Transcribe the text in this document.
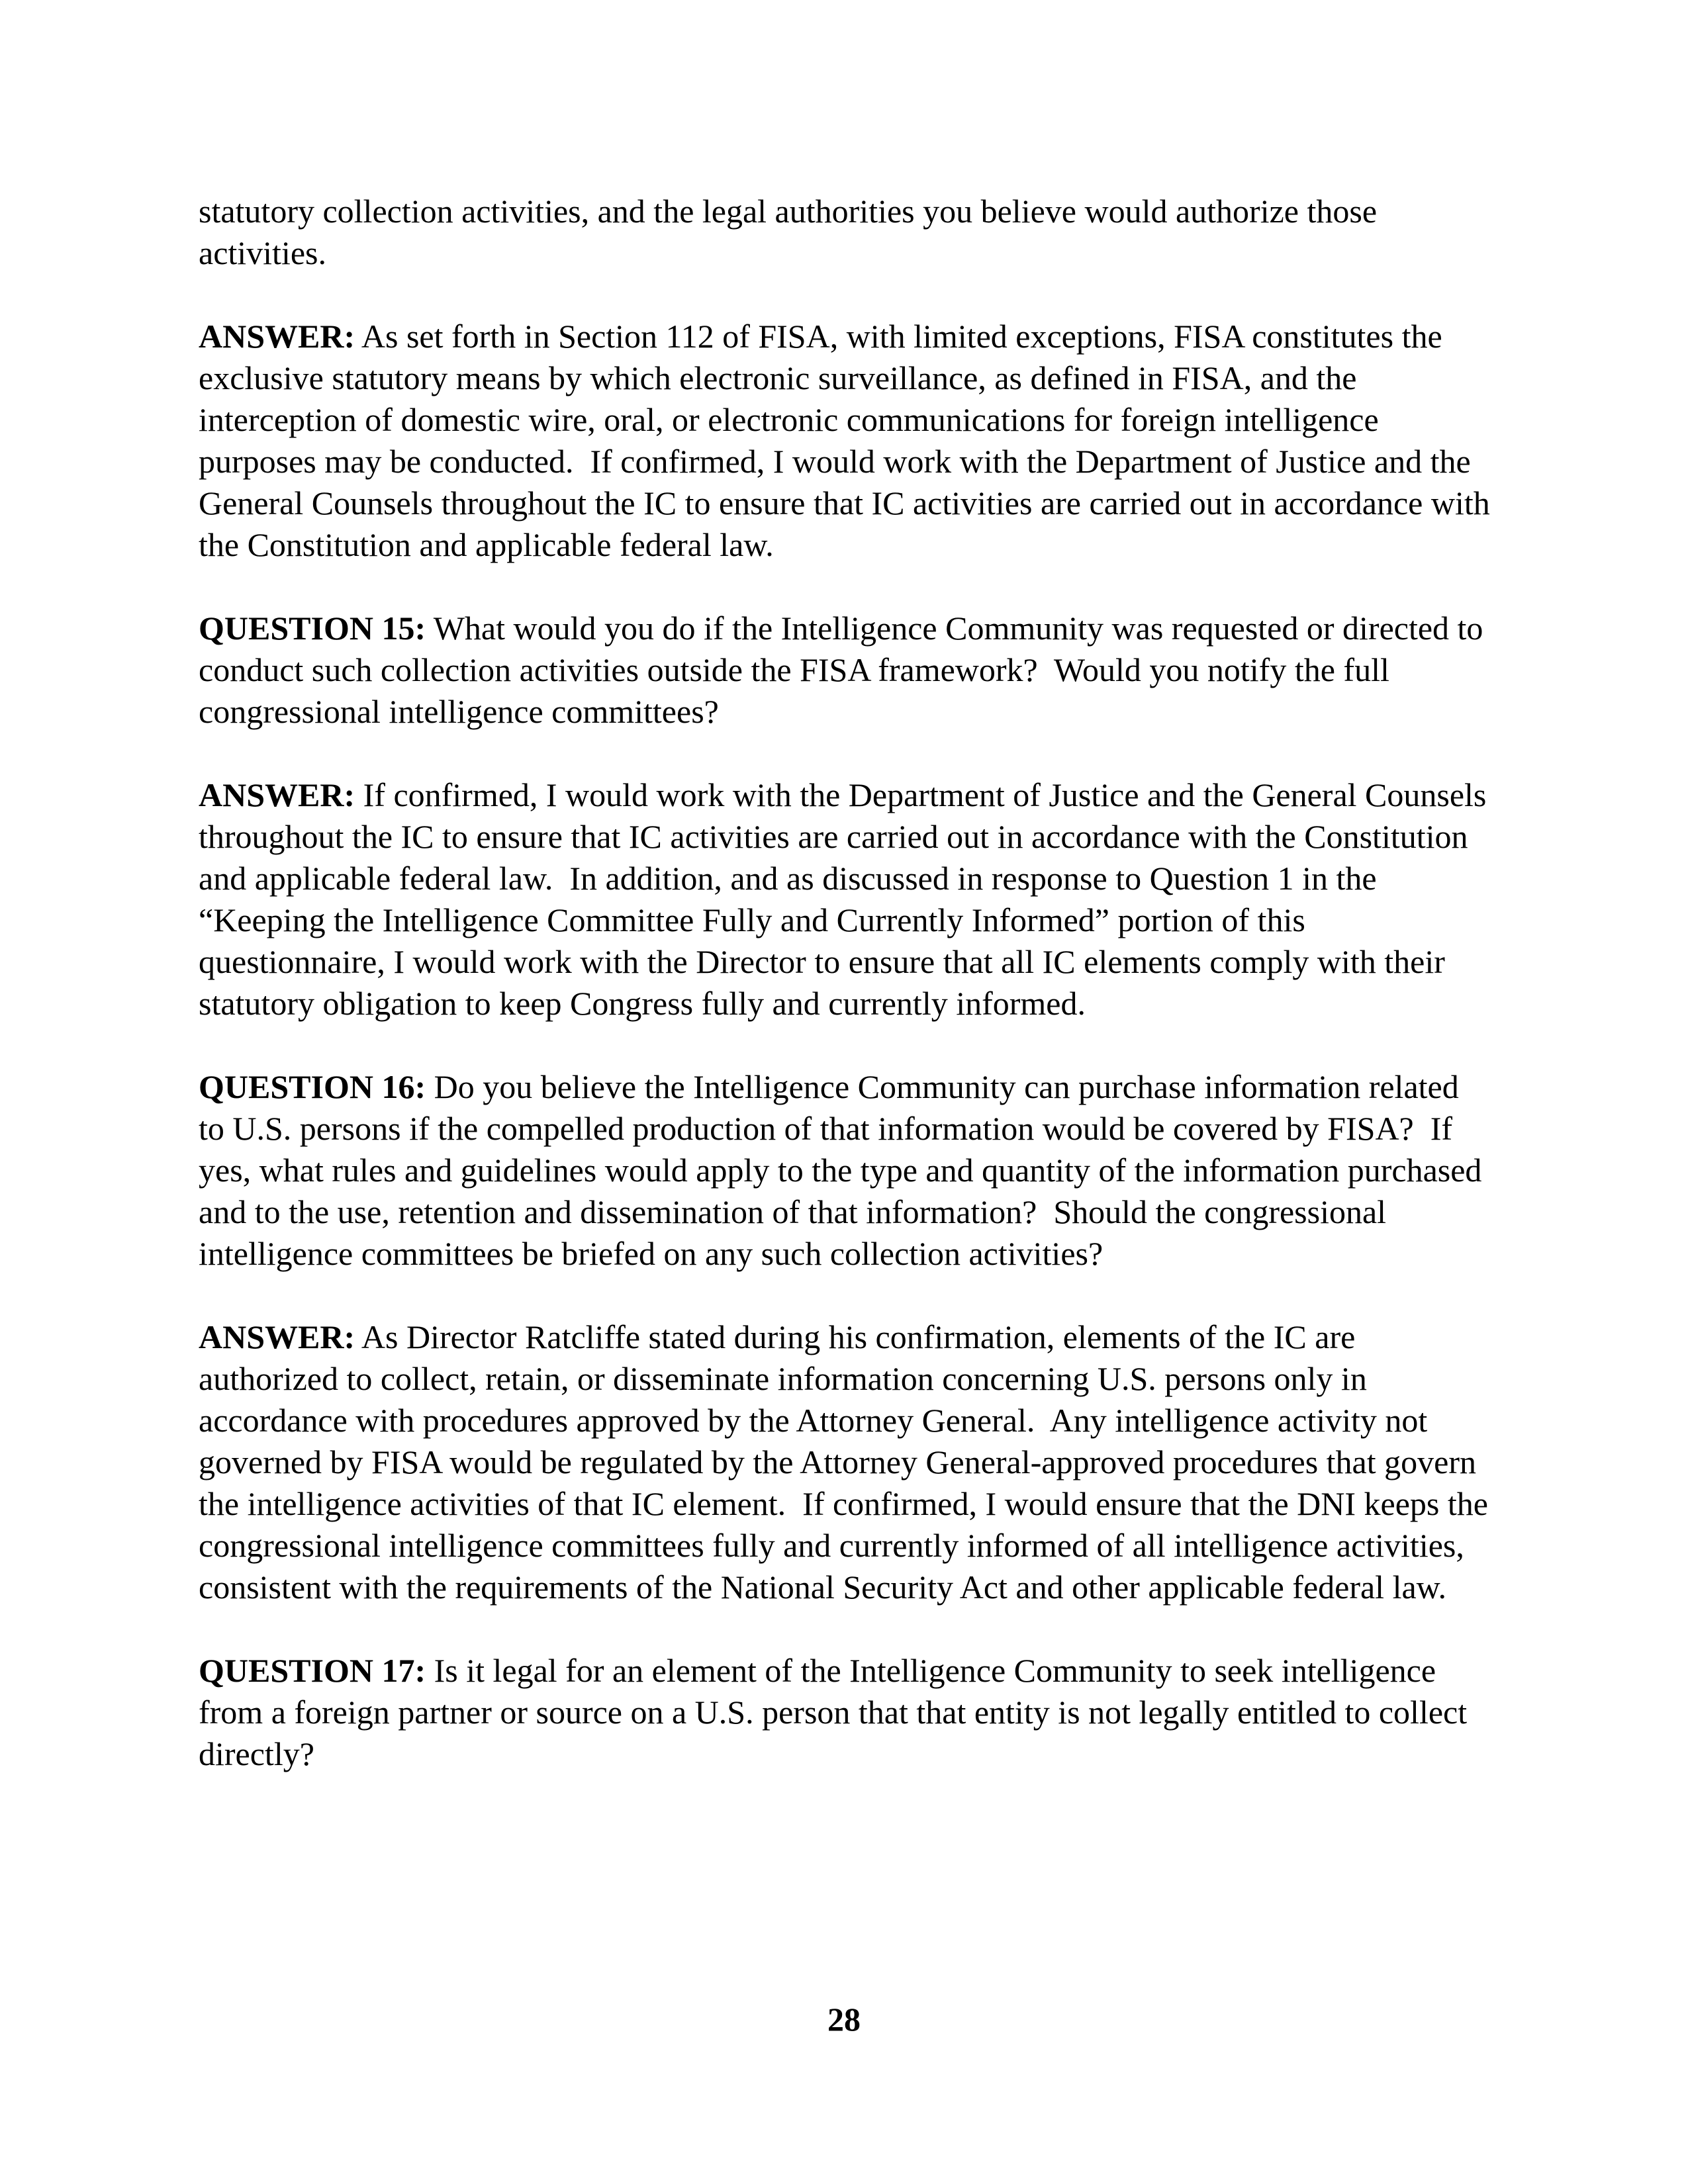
statutory collection activities, and the legal authorities you believe would authorize those activities.

ANSWER: As set forth in Section 112 of FISA, with limited exceptions, FISA constitutes the exclusive statutory means by which electronic surveillance, as defined in FISA, and the interception of domestic wire, oral, or electronic communications for foreign intelligence purposes may be conducted.  If confirmed, I would work with the Department of Justice and the General Counsels throughout the IC to ensure that IC activities are carried out in accordance with the Constitution and applicable federal law.

QUESTION 15: What would you do if the Intelligence Community was requested or directed to conduct such collection activities outside the FISA framework?  Would you notify the full congressional intelligence committees?

ANSWER: If confirmed, I would work with the Department of Justice and the General Counsels throughout the IC to ensure that IC activities are carried out in accordance with the Constitution and applicable federal law.  In addition, and as discussed in response to Question 1 in the “Keeping the Intelligence Committee Fully and Currently Informed” portion of this questionnaire, I would work with the Director to ensure that all IC elements comply with their statutory obligation to keep Congress fully and currently informed.

QUESTION 16: Do you believe the Intelligence Community can purchase information related to U.S. persons if the compelled production of that information would be covered by FISA?  If yes, what rules and guidelines would apply to the type and quantity of the information purchased and to the use, retention and dissemination of that information?  Should the congressional intelligence committees be briefed on any such collection activities?

ANSWER: As Director Ratcliffe stated during his confirmation, elements of the IC are authorized to collect, retain, or disseminate information concerning U.S. persons only in accordance with procedures approved by the Attorney General.  Any intelligence activity not governed by FISA would be regulated by the Attorney General-approved procedures that govern the intelligence activities of that IC element.  If confirmed, I would ensure that the DNI keeps the congressional intelligence committees fully and currently informed of all intelligence activities, consistent with the requirements of the National Security Act and other applicable federal law.

QUESTION 17: Is it legal for an element of the Intelligence Community to seek intelligence from a foreign partner or source on a U.S. person that that entity is not legally entitled to collect directly?

28
